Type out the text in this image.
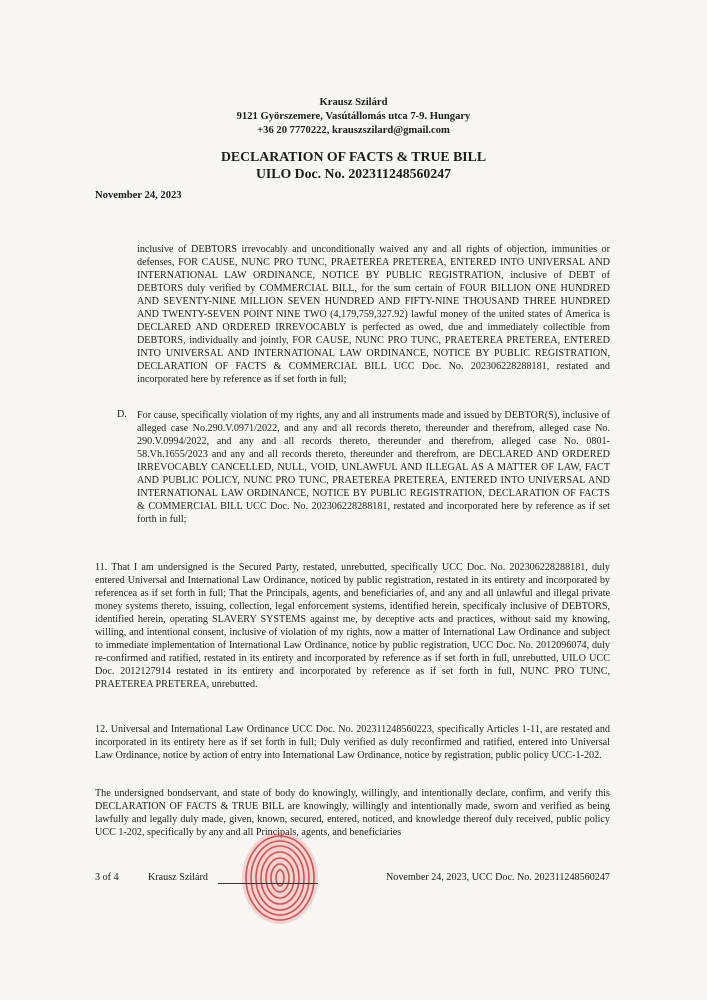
Krausz Szilárd
9121 Györszemere, Vasútállomás utca 7-9. Hungary
+36 20 7770222, krauszszilard@gmail.com
DECLARATION OF FACTS & TRUE BILL
UILO Doc. No. 202311248560247
November 24, 2023
inclusive of DEBTORS irrevocably and unconditionally waived any and all rights of objection, immunities or defenses, FOR CAUSE, NUNC PRO TUNC, PRAETEREA PRETEREA, ENTERED INTO UNIVERSAL AND INTERNATIONAL LAW ORDINANCE, NOTICE BY PUBLIC REGISTRATION, inclusive of DEBT of DEBTORS duly verified by COMMERCIAL BILL, for the sum certain of FOUR BILLION ONE HUNDRED AND SEVENTY-NINE MILLION SEVEN HUNDRED AND FIFTY-NINE THOUSAND THREE HUNDRED AND TWENTY-SEVEN POINT NINE TWO (4,179,759,327.92) lawful money of the united states of America is DECLARED AND ORDERED IRREVOCABLY is perfected as owed, due and immediately collectible from DEBTORS, individually and jointly, FOR CAUSE, NUNC PRO TUNC, PRAETEREA PRETEREA, ENTERED INTO UNIVERSAL AND INTERNATIONAL LAW ORDINANCE, NOTICE BY PUBLIC REGISTRATION, DECLARATION OF FACTS & COMMERCIAL BILL UCC Doc. No. 202306228288181, restated and incorporated here by reference as if set forth in full;
D. For cause, specifically violation of my rights, any and all instruments made and issued by DEBTOR(S), inclusive of alleged case No.290.V.0971/2022, and any and all records thereto, thereunder and therefrom, alleged case No. 290.V.0994/2022, and any and all records thereto, thereunder and therefrom, alleged case No. 0801-58.Vh.1655/2023 and any and all records thereto, thereunder and therefrom, are DECLARED AND ORDERED IRREVOCABLY CANCELLED, NULL, VOID, UNLAWFUL AND ILLEGAL AS A MATTER OF LAW, FACT AND PUBLIC POLICY, NUNC PRO TUNC, PRAETEREA PRETEREA, ENTERED INTO UNIVERSAL AND INTERNATIONAL LAW ORDINANCE, NOTICE BY PUBLIC REGISTRATION, DECLARATION OF FACTS & COMMERCIAL BILL UCC Doc. No. 202306228288181, restated and incorporated here by reference as if set forth in full;
11. That I am undersigned is the Secured Party, restated, unrebutted, specifically UCC Doc. No. 202306228288181, duly entered Universal and International Law Ordinance, noticed by public registration, restated in its entirety and incorporated by referencea as if set forth in full; That the Principals, agents, and beneficiaries of, and any and all unlawful and illegal private money systems thereto, issuing, collection, legal enforcement systems, identified herein, specificaly inclusive of DEBTORS, identified herein, operating SLAVERY SYSTEMS against me, by deceptive acts and practices, without said my knowing, willing, and intentional consent, inclusive of violation of my rights, now a matter of International Law Ordinance and subject to immediate implementation of International Law Ordinance, notice by public registration, UCC Doc. No. 2012096074, duly re-confirmed and ratified, restated in its entirety and incorporated by reference as if set forth in full, unrebutted, UILO UCC Doc. 2012127914 restated in its entirety and incorporated by reference as if set forth in full, NUNC PRO TUNC, PRAETEREA PRETEREA, unrebutted.
12. Universal and International Law Ordinance UCC Doc. No. 202311248560223, specifically Articles 1-11, are restated and incorporated in its entirety here as if set forth in full; Duly verified as duly reconfirmed and ratified, entered into Universal Law Ordinance, notice by action of entry into International Law Ordinance, notice by registration, public policy UCC-1-202.
The undersigned bondservant, and state of body do knowingly, willingly, and intentionally declare, confirm, and verify this DECLARATION OF FACTS & TRUE BILL are knowingly, willingly and intentionally made, sworn and verified as being lawfully and legally duly made, given, known, secured, entered, noticed, and knowledge thereof duly received, public policy UCC 1-202, specifically by any and all Principals, agents, and beneficiaries
3 of 4	Krausz Szilárd	November 24, 2023, UCC Doc. No. 202311248560247
